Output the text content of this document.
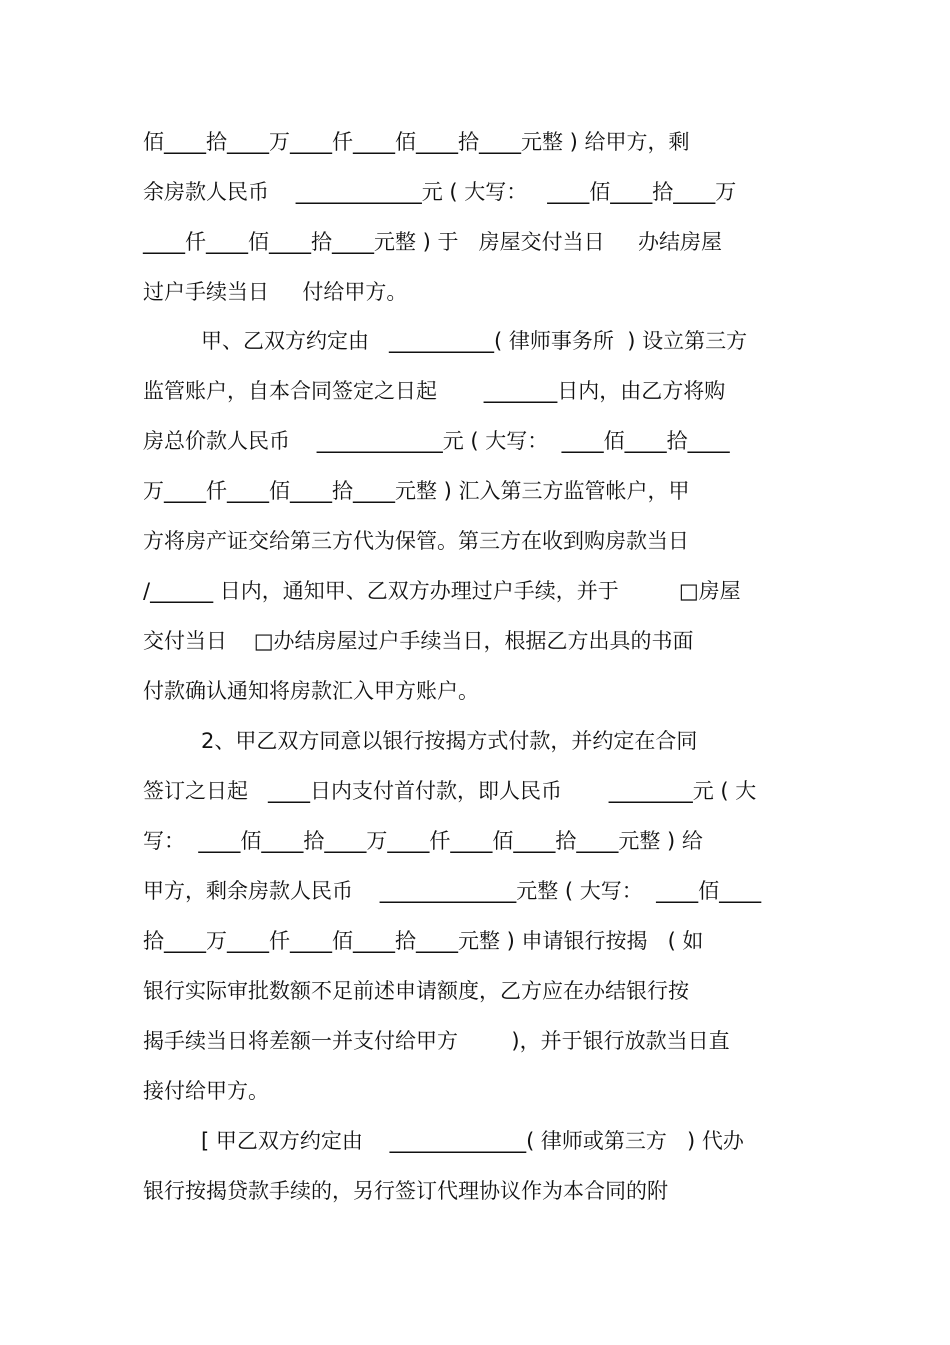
佰____拾____万____仟____佰____拾____元整 ) 给甲方，剩
余房款人民币    ____________元 ( 大写：   ____佰____拾____万
____仟____佰____拾____元整 ) 于   房屋交付当日     办结房屋
过户手续当日     付给甲方。
甲、乙双方约定由   __________( 律师事务所  ) 设立第三方
监管账户，自本合同签定之日起       _______日内，由乙方将购
房总价款人民币    ____________元 ( 大写：  ____佰____拾____
万____仟____佰____拾____元整 ) 汇入第三方监管帐户，甲
方将房产证交给第三方代为保管。第三方在收到购房款当日
/______ 日内，通知甲、乙双方办理过户手续，并于         □房屋
交付当日    □办结房屋过户手续当日，根据乙方出具的书面
付款确认通知将房款汇入甲方账户。
2、甲乙双方同意以银行按揭方式付款，并约定在合同
签订之日起   ____日内支付首付款，即人民币       ________元 ( 大
写：  ____佰____拾____万____仟____佰____拾____元整 ) 给
甲方，剩余房款人民币    _____________元整 ( 大写：  ____佰____
拾____万____仟____佰____拾____元整 ) 申请银行按揭   ( 如
银行实际审批数额不足前述申请额度，乙方应在办结银行按
揭手续当日将差额一并支付给甲方        )，并于银行放款当日直
接付给甲方。
[ 甲乙双方约定由    _____________( 律师或第三方   ) 代办
银行按揭贷款手续的，另行签订代理协议作为本合同的附
